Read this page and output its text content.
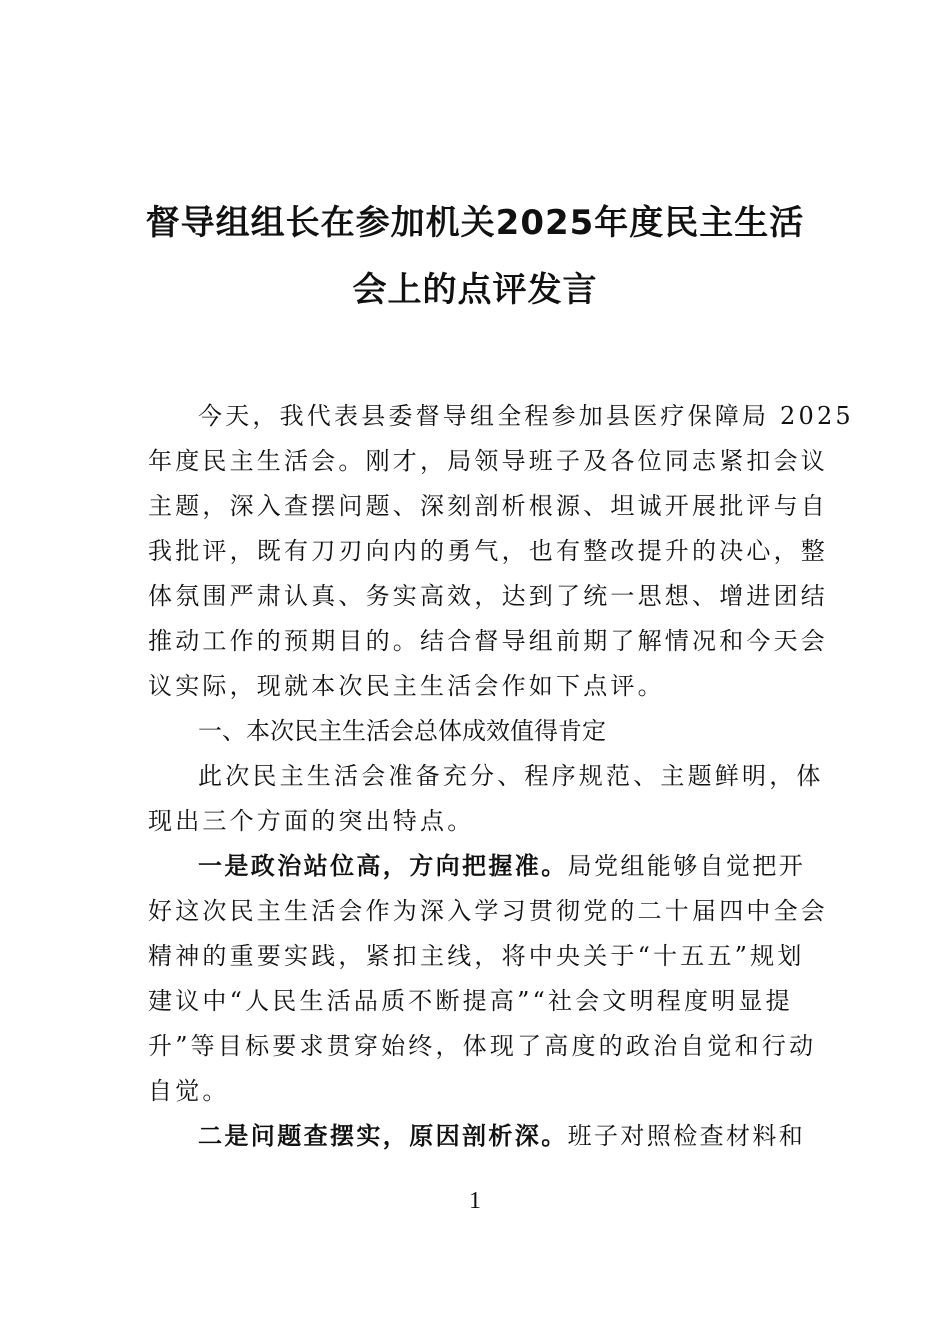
督导组组长在参加机关2025年度民主生活
会上的点评发言
今天，我代表县委督导组全程参加县医疗保障局 2025
年度民主生活会。刚才，局领导班子及各位同志紧扣会议
主题，深入查摆问题、深刻剖析根源、坦诚开展批评与自
我批评，既有刀刃向内的勇气，也有整改提升的决心，整
体氛围严肃认真、务实高效，达到了统一思想、增进团结
推动工作的预期目的。结合督导组前期了解情况和今天会
议实际，现就本次民主生活会作如下点评。
一、本次民主生活会总体成效值得肯定
此次民主生活会准备充分、程序规范、主题鲜明，体
现出三个方面的突出特点。
一是政治站位高，方向把握准。局党组能够自觉把开
好这次民主生活会作为深入学习贯彻党的二十届四中全会
精神的重要实践，紧扣主线，将中央关于“十五五”规划
建议中“人民生活品质不断提高”“社会文明程度明显提
升”等目标要求贯穿始终，体现了高度的政治自觉和行动
自觉。
二是问题查摆实，原因剖析深。班子对照检查材料和
1
